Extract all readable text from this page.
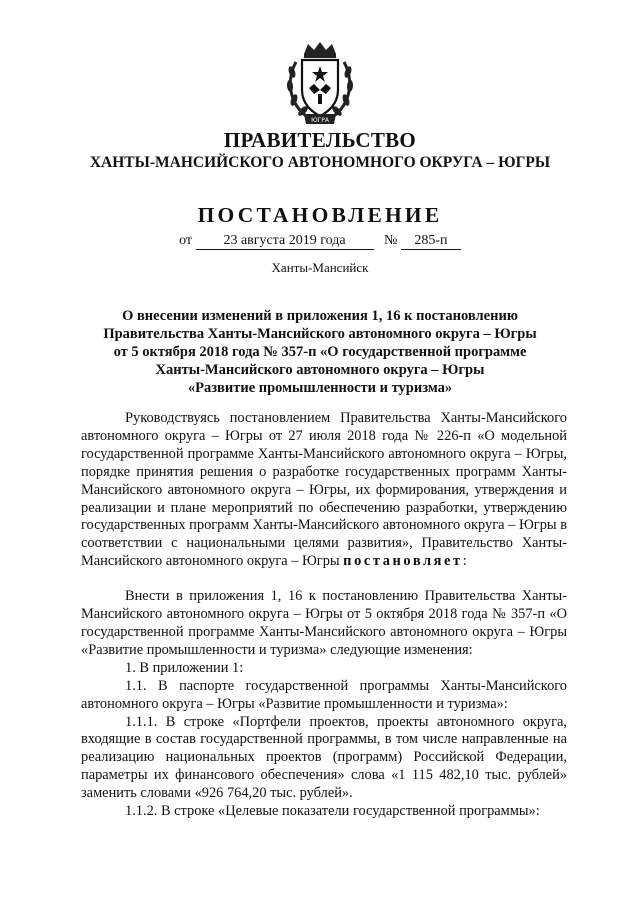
ЮГРА
ПРАВИТЕЛЬСТВО
ХАНТЫ-МАНСИЙСКОГО АВТОНОМНОГО ОКРУГА – ЮГРЫ
ПОСТАНОВЛЕНИЕ
от 23 августа 2019 года	№ 285-п
Ханты-Мансийск
О внесении изменений в приложения 1, 16 к постановлению
Правительства Ханты-Мансийского автономного округа – Югры
от 5 октября 2018 года № 357-п «О государственной программе
Ханты-Мансийского автономного округа – Югры
«Развитие промышленности и туризма»

Руководствуясь постановлением Правительства Ханты-Мансийского автономного округа – Югры от 27 июля 2018 года № 226-п «О модельной государственной программе Ханты-Мансийского автономного округа – Югры, порядке принятия решения о разработке государственных программ Ханты-Мансийского автономного округа – Югры, их формирования, утверждения и реализации и плане мероприятий по обеспечению разработки, утверждению государственных программ Ханты-Мансийского автономного округа – Югры в соответствии с национальными целями развития», Правительство Ханты-Мансийского автономного округа – Югры постановляет:

Внести в приложения 1, 16 к постановлению Правительства Ханты-Мансийского автономного округа – Югры от 5 октября 2018 года № 357-п «О государственной программе Ханты-Мансийского автономного округа – Югры «Развитие промышленности и туризма» следующие изменения:

1. В приложении 1:

1.1. В паспорте государственной программы Ханты-Мансийского автономного округа – Югры «Развитие промышленности и туризма»:

1.1.1. В строке «Портфели проектов, проекты автономного округа, входящие в состав государственной программы, в том числе направленные на реализацию национальных проектов (программ) Российской Федерации, параметры их финансового обеспечения» слова «1 115 482,10 тыс. рублей» заменить словами «926 764,20 тыс. рублей».

1.1.2. В строке «Целевые показатели государственной программы»:
